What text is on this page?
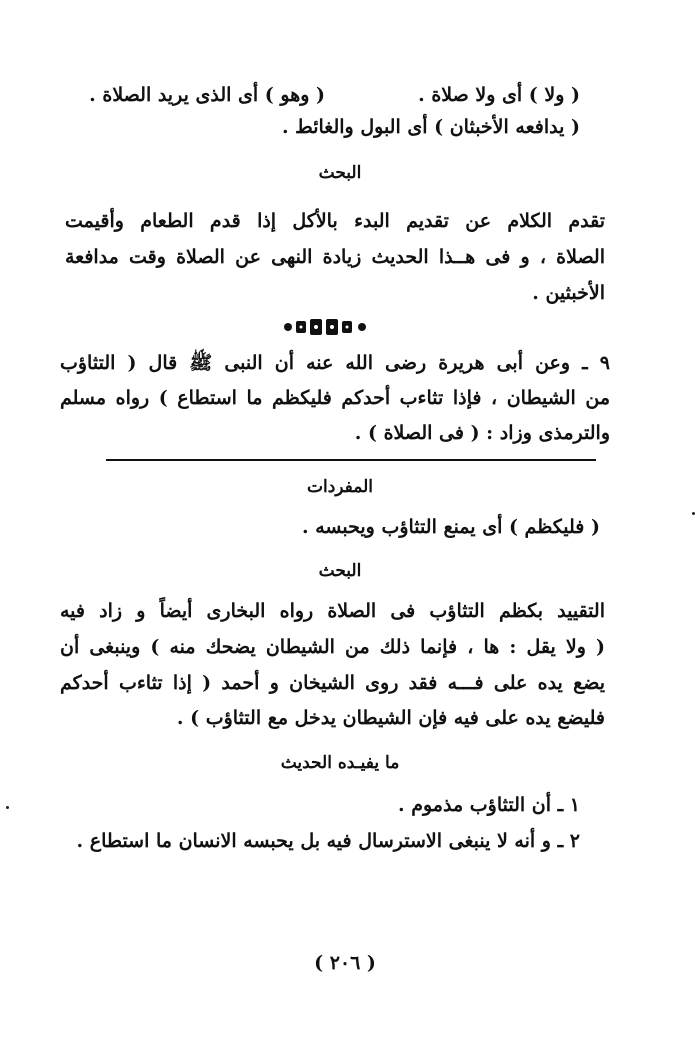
( ولا ) أى ولا صلاة .
( وهو ) أى الذى يريد الصلاة .
( يدافعه الأخبثان ) أى البول والغائط .
البحث
تقدم الكلام عن تقديم البدء بالأكل إذا قدم الطعام وأقيمت
الصلاة ، و فى هــذا الحديث زيادة النهى عن الصلاة وقت مدافعة
الأخبثين .
٩ ـ وعن أبى هريرة رضى الله عنه أن النبى ﷺ قال ( التثاؤب
من الشيطان ، فإذا تثاءب أحدكم فليكظم ما استطاع ) رواه مسلم
والترمذى وزاد : ( فى الصلاة ) .
المفردات
( فليكظم ) أى يمنع التثاؤب ويحبسه .
البحث
التقييد بكظم التثاؤب فى الصلاة رواه البخارى أيضاً و زاد فيه
( ولا يقل : ها ، فإنما ذلك من الشيطان يضحك منه ) وينبغى أن
يضع يده على فـــه فقد روى الشيخان و أحمد ( إذا تثاءب أحدكم
فليضع يده على فيه فإن الشيطان يدخل مع التثاؤب ) .
ما يفيـده الحديث
١ ـ أن التثاؤب مذموم .
٢ ـ و أنه لا ينبغى الاسترسال فيه بل يحبسه الانسان ما استطاع .
( ٢٠٦ )
